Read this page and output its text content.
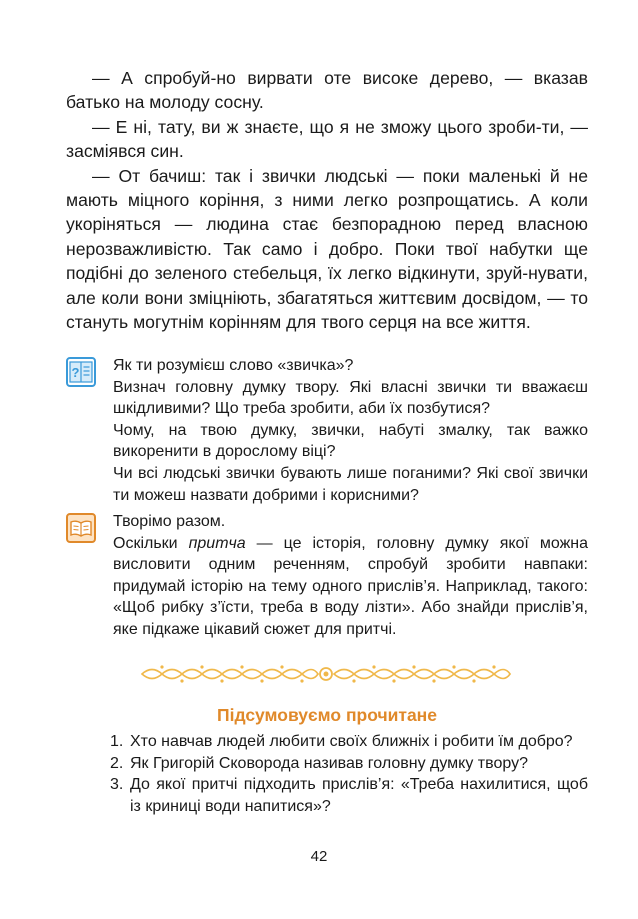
— А спробуй-но вирвати оте високе дерево, — вказав батько на молоду сосну.

— Е ні, тату, ви ж знаєте, що я не зможу цього зроби-ти, — засміявся син.

— От бачиш: так і звички людські — поки маленькі й не мають міцного коріння, з ними легко розпрощатись. А коли укоріняться — людина стає безпорадною перед власною нерозважливістю. Так само і добро. Поки твої набутки ще подібні до зеленого стебельця, їх легко відкинути, зруй-нувати, але коли вони зміцніють, збагатяться життєвим досвідом, — то стануть могутнім корінням для твого серця на все життя.

? Як ти розумієш слово «звичка»?

Визнач головну думку твору. Які власні звички ти вважаєш шкідливими? Що треба зробити, аби їх позбутися?

Чому, на твою думку, звички, набуті змалку, так важко викоренити в дорослому віці?

Чи всі людські звички бувають лише поганими? Які свої звички ти можеш назвати добрими і корисними?

Творімо разом.

Оскільки притча — це історія, головну думку якої можна висловити одним реченням, спробуй зробити навпаки: придумай історію на тему одного прислів’я. Наприклад, такого: «Щоб рибку з’їсти, треба в воду лізти». Або знайди прислів’я, яке підкаже цікавий сюжет для притчі.

Підсумовуємо прочитане
1. Хто навчав людей любити своїх ближніх і робити їм добро?
2. Як Григорій Сковорода називав головну думку твору?
3. До якої притчі підходить прислів’я: «Треба нахилитися, щоб із криниці води напитися»?
42
